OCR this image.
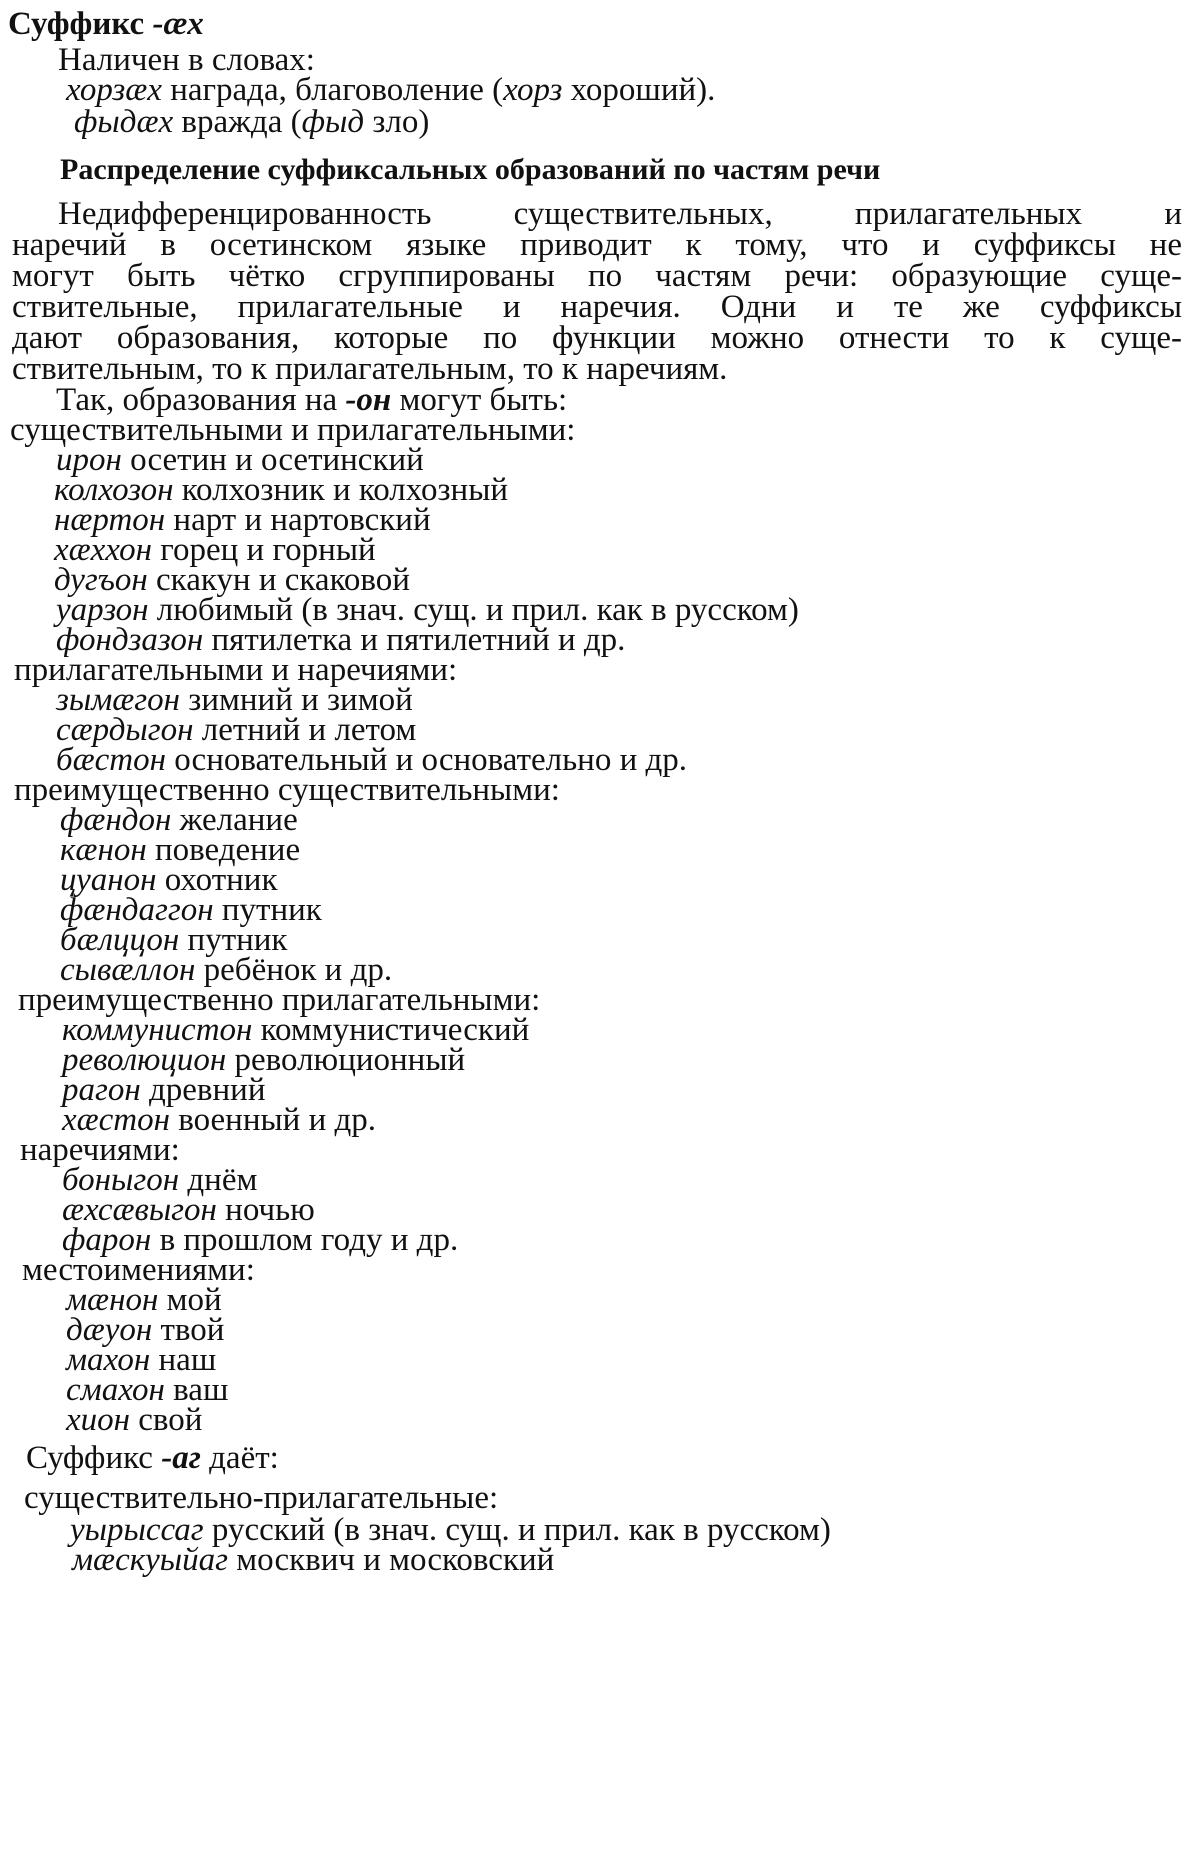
Суффикс -æх
Наличен в словах:
хорзæх награда, благоволение (хорз хороший).
фыдæх вражда (фыд зло)
Распределение суффиксальных образований по частям речи
Недифференцированность существительных, прилагательных и
наречий в осетинском языке приводит к тому, что и суффиксы не
могут быть чётко сгруппированы по частям речи: образующие суще-
ствительные, прилагательные и наречия. Одни и те же суффиксы
дают образования, которые по функции можно отнести то к суще-
ствительным, то к прилагательным, то к наречиям.
Так, образования на -он могут быть:
существительными и прилагательными:
ирон осетин и осетинский
колхозон колхозник и колхозный
нæртон нарт и нартовский
хæххон горец и горный
дугъон скакун и скаковой
уарзон любимый (в знач. сущ. и прил. как в русском)
фондзазон пятилетка и пятилетний и др.
прилагательными и наречиями:
зымæгон зимний и зимой
сæрдыгон летний и летом
бæстон основательный и основательно и др.
преимущественно существительными:
фæндон желание
кæнон поведение
цуанон охотник
фæндаггон путник
бæлццон путник
сывæллон ребёнок и др.
преимущественно прилагательными:
коммунистон коммунистический
революцион революционный
рагон древний
хæстон военный и др.
наречиями:
боныгон днём
æхсæвыгон ночью
фарон в прошлом году и др.
местоимениями:
мæнон мой
дæуон твой
махон наш
смахон ваш
хион свой
Суффикс -аг даёт:
существительно-прилагательные:
уырыссаг русский (в знач. сущ. и прил. как в русском)
мæскуыйаг москвич и московский
